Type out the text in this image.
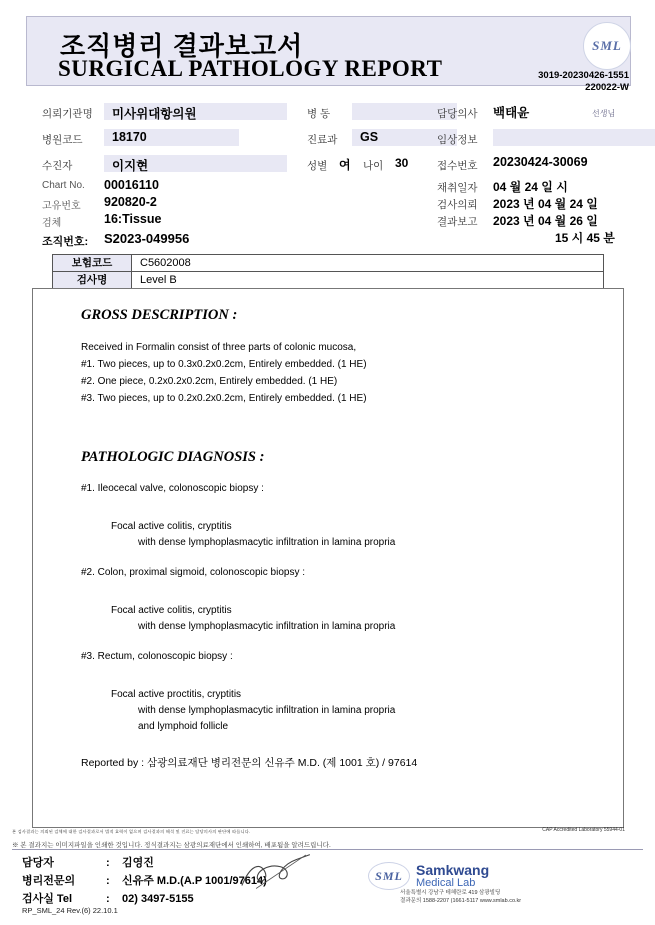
조직병리 결과보고서
SURGICAL PATHOLOGY REPORT
SML
3019-20230426-1551
220022-W
의뢰기관명 미사위대항의원
병원코드 18170
수진자	이지현
Chart No. 00016110
고유번호 920820-2
검체	16:Tissue
조직번호: S2023-049956
병 동
진료과 GS
성별 여 나이 30
담당의사 백태윤	선생님
임상정보
접수번호 20230424-30069
채취일자 04 월 24 일 시
검사의뢰 2023 년 04 월 24 일
결과보고 2023 년 04 월 26 일
15 시 45 분
보험코드	C5602008
검사명	Level B
GROSS DESCRIPTION :
Received in Formalin consist of three parts of colonic mucosa,
#1. Two pieces, up to 0.3x0.2x0.2cm, Entirely embedded. (1 HE)
#2. One piece, 0.2x0.2x0.2cm, Entirely embedded. (1 HE)
#3. Two pieces, up to 0.2x0.2x0.2cm, Entirely embedded. (1 HE)
PATHOLOGIC DIAGNOSIS :
#1. Ileocecal valve, colonoscopic biopsy :
Focal active colitis, cryptitis
with dense lymphoplasmacytic infiltration in lamina propria
#2. Colon, proximal sigmoid, colonoscopic biopsy :
Focal active colitis, cryptitis
with dense lymphoplasmacytic infiltration in lamina propria
#3. Rectum, colonoscopic biopsy :
Focal active proctitis, cryptitis
with dense lymphoplasmacytic infiltration in lamina propria
and lymphoid follicle
Reported by : 삼광의료재단 병리전문의 신유주 M.D. (제 1001 호) / 97614
본 검사결과는 의뢰된 검체에 대한 검사결과로서 법적 효력이 없으며 검사결과의 해석 및 진료는 담당의사의 판단에 따릅니다.	CAP Accredited Laboratory 55944-01
※ 본 결과지는 이미지파일을 인쇄한 것입니다. 정식결과지는 삼광의료재단에서 인쇄하여, 배포됨을 알려드립니다.
담당자	:	김영진
병리전문의	:	신유주 M.D.(A.P 1001/97614)
검사실 Tel	:	02) 3497-5155
SML Samkwang
Medical Lab
서울특별시 강남구 테헤란로 419 삼광빌딩
결과문의 1588-2207 (1661-5117 www.smlab.co.kr
RP_SML_24 Rev.(6) 22.10.1
